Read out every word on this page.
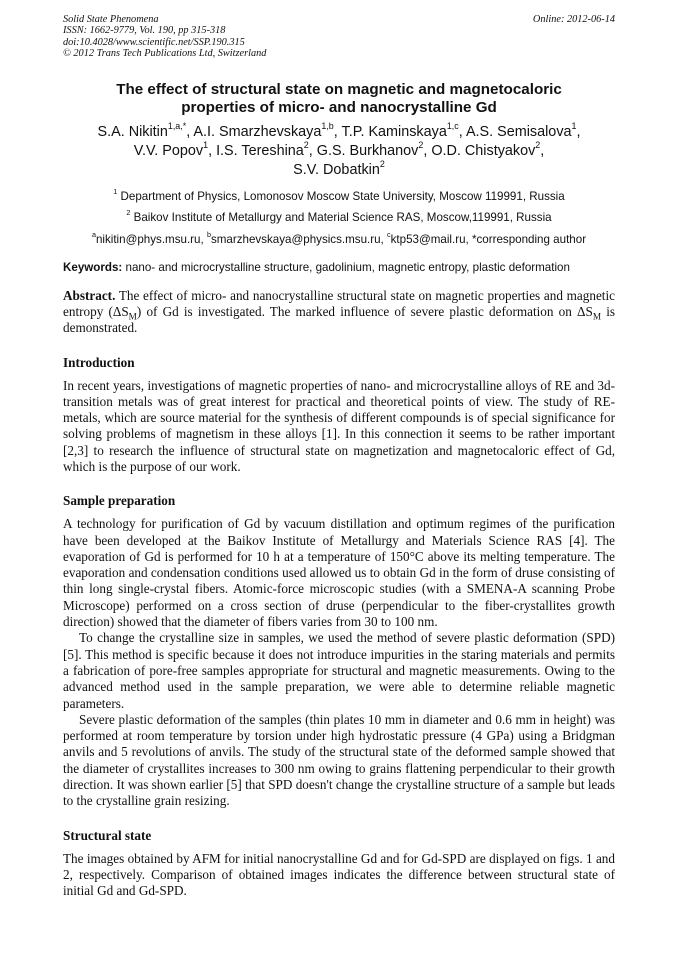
Solid State Phenomena
ISSN: 1662-9779, Vol. 190, pp 315-318
doi:10.4028/www.scientific.net/SSP.190.315
© 2012 Trans Tech Publications Ltd, Switzerland
Online: 2012-06-14
The effect of structural state on magnetic and magnetocaloric
properties of micro- and nanocrystalline Gd
S.A. Nikitin$^{1,a,*}$, A.I. Smarzhevskaya$^{1,b}$, T.P. Kaminskaya$^{1,c}$, A.S. Semisalova$^1$,
V.V. Popov$^1$, I.S. Tereshina$^2$, G.S. Burkhanov$^2$, O.D. Chistyakov$^2$,
S.V. Dobatkin$^2$
$^1$ Department of Physics, Lomonosov Moscow State University, Moscow 119991, Russia
$^2$ Baikov Institute of Metallurgy and Material Science RAS, Moscow,119991, Russia
$^a$nikitin@phys.msu.ru, $^b$smarzhevskaya@physics.msu.ru, $^c$ktp53@mail.ru, *corresponding author
Keywords: nano- and microcrystalline structure, gadolinium, magnetic entropy, plastic deformation
Abstract. The effect of micro- and nanocrystalline structural state on magnetic properties and magnetic entropy $(\Delta S_M)$ of Gd is investigated. The marked influence of severe plastic deformation on $\Delta S_M$ is demonstrated.
Introduction

In recent years, investigations of magnetic properties of nano- and microcrystalline alloys of RE and 3d-transition metals was of great interest for practical and theoretical points of view. The study of RE-metals, which are source material for the synthesis of different compounds is of special significance for solving problems of magnetism in these alloys [1]. In this connection it seems to be rather important [2,3] to research the influence of structural state on magnetization and magnetocaloric effect of Gd, which is the purpose of our work.

Sample preparation

A technology for purification of Gd by vacuum distillation and optimum regimes of the purification have been developed at the Baikov Institute of Metallurgy and Materials Science RAS [4]. The evaporation of Gd is performed for 10 h at a temperature of 150°C above its melting temperature. The evaporation and condensation conditions used allowed us to obtain Gd in the form of druse consisting of thin long single-crystal fibers. Atomic-force microscopic studies (with a SMENA-A scanning Probe Microscope) performed on a cross section of druse (perpendicular to the fiber-crystallites growth direction) showed that the diameter of fibers varies from 30 to 100 nm.

To change the crystalline size in samples, we used the method of severe plastic deformation (SPD) [5]. This method is specific because it does not introduce impurities in the staring materials and permits a fabrication of pore-free samples appropriate for structural and magnetic measurements. Owing to the advanced method used in the sample preparation, we were able to determine reliable magnetic parameters.

Severe plastic deformation of the samples (thin plates 10 mm in diameter and 0.6 mm in height) was performed at room temperature by torsion under high hydrostatic pressure (4 GPa) using a Bridgman anvils and 5 revolutions of anvils. The study of the structural state of the deformed sample showed that the diameter of crystallites increases to 300 nm owing to grains flattening perpendicular to their growth direction. It was shown earlier [5] that SPD doesn't change the crystalline structure of a sample but leads to the crystalline grain resizing.

Structural state

The images obtained by AFM for initial nanocrystalline Gd and for Gd-SPD are displayed on figs. 1 and 2, respectively. Comparison of obtained images indicates the difference between structural state of initial Gd and Gd-SPD.
